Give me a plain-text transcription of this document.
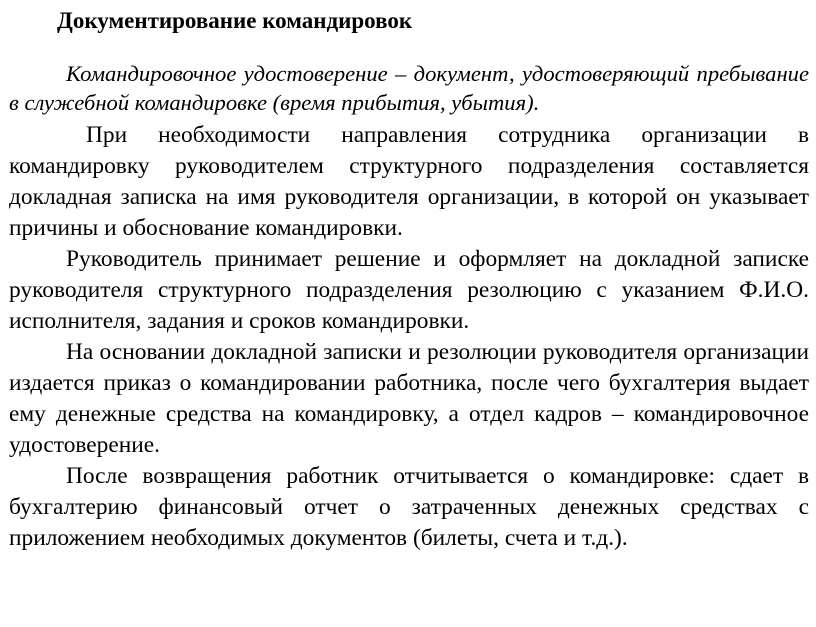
Документирование командировок

Командировочное удостоверение – документ, удостоверяющий пребывание в служебной командировке (время прибытия, убытия).

При необходимости направления сотрудника организации в командировку руководителем структурного подразделения составляется докладная записка на имя руководителя организации, в которой он указывает причины и обоснование командировки.

Руководитель принимает решение и оформляет на докладной записке руководителя структурного подразделения резолюцию с указанием Ф.И.О. исполнителя, задания и сроков командировки.

На основании докладной записки и резолюции руководителя организации издается приказ о командировании работника, после чего бухгалтерия выдает ему денежные средства на командировку, а отдел кадров – командировочное удостоверение.

После возвращения работник отчитывается о командировке: сдает в бухгалтерию финансовый отчет о затраченных денежных средствах с приложением необходимых документов (билеты, счета и т.д.).
